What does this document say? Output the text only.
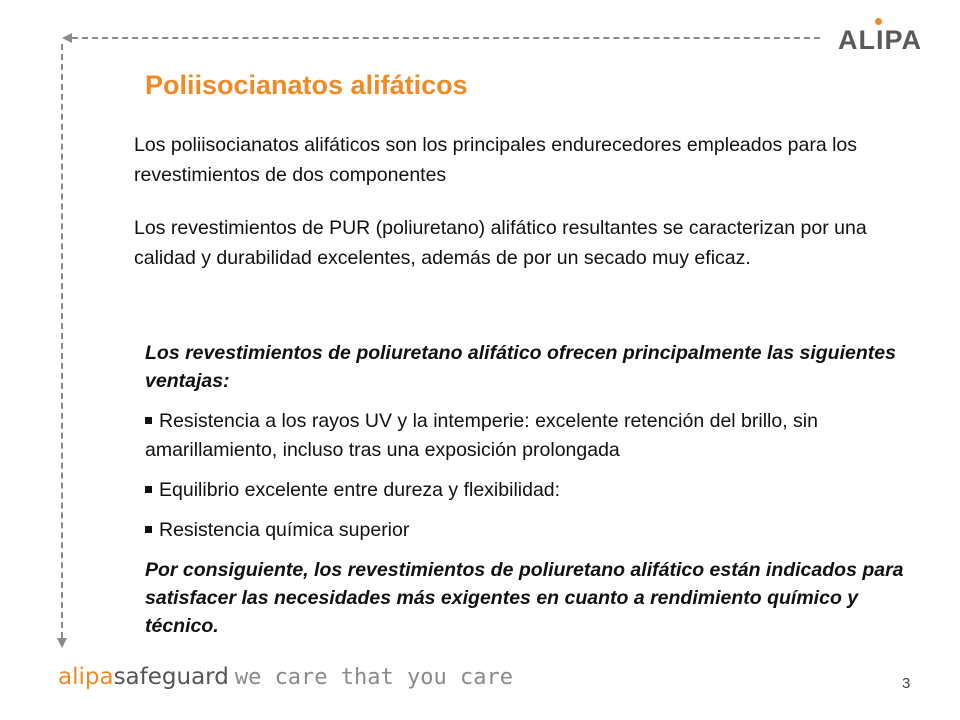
ALIPA
Poliisocianatos alifáticos

Los poliisocianatos alifáticos son los principales endurecedores empleados para los revestimientos de dos componentes

Los revestimientos de PUR (poliuretano) alifático resultantes se caracterizan por una calidad y durabilidad excelentes, además de por un secado muy eficaz.

Los revestimientos de poliuretano alifático ofrecen principalmente las siguientes ventajas:

Resistencia a los rayos UV y la intemperie: excelente retención del brillo, sin amarillamiento, incluso tras una exposición prolongada
Equilibrio excelente entre dureza y flexibilidad:
Resistencia química superior

Por consiguiente, los revestimientos de poliuretano alifático están indicados para satisfacer las necesidades más exigentes en cuanto a rendimiento químico y técnico.

alipasafeguard we care that you care	3
